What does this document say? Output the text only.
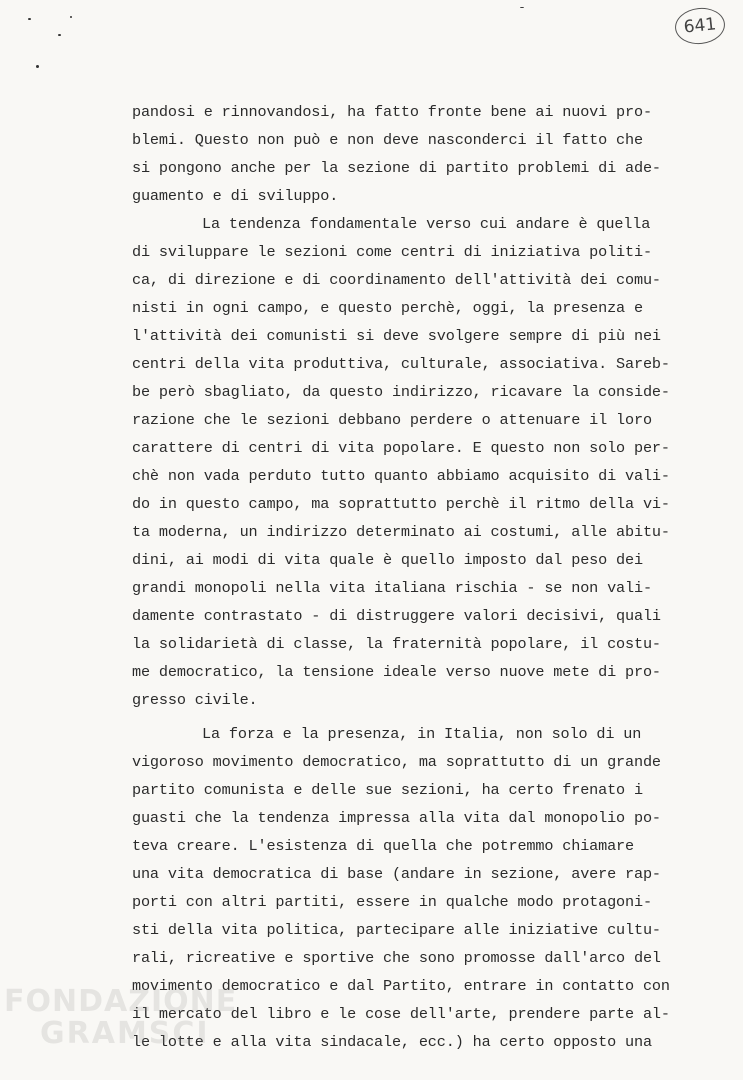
641
pandosi e rinnovandosi, ha fatto fronte bene ai nuovi pro-
blemi. Questo non può e non deve nasconderci il fatto che
si pongono anche per la sezione di partito problemi di ade-
guamento e di sviluppo.
La tendenza fondamentale verso cui andare è quella
di sviluppare le sezioni come centri di iniziativa politi-
ca, di direzione e di coordinamento dell'attività dei comu-
nisti in ogni campo, e questo perchè, oggi, la presenza e
l'attività dei comunisti si deve svolgere sempre di più nei
centri della vita produttiva, culturale, associativa. Sareb-
be però sbagliato, da questo indirizzo, ricavare la conside-
razione che le sezioni debbano perdere o attenuare il loro
carattere di centri di vita popolare. E questo non solo per-
chè non vada perduto tutto quanto abbiamo acquisito di vali-
do in questo campo, ma soprattutto perchè il ritmo della vi-
ta moderna, un indirizzo determinato ai costumi, alle abitu-
dini, ai modi di vita quale è quello imposto dal peso dei
grandi monopoli nella vita italiana rischia - se non vali-
damente contrastato - di distruggere valori decisivi, quali
la solidarietà di classe, la fraternità popolare, il costu-
me democratico, la tensione ideale verso nuove mete di pro-
gresso civile.
La forza e la presenza, in Italia, non solo di un
vigoroso movimento democratico, ma soprattutto di un grande
partito comunista e delle sue sezioni, ha certo frenato i
guasti che la tendenza impressa alla vita dal monopolio po-
teva creare. L'esistenza di quella che potremmo chiamare
una vita democratica di base (andare in sezione, avere rap-
porti con altri partiti, essere in qualche modo protagoni-
sti della vita politica, partecipare alle iniziative cultu-
rali, ricreative e sportive che sono promosse dall'arco del
movimento democratico e dal Partito, entrare in contatto con
il mercato del libro e le cose dell'arte, prendere parte al-
le lotte e alla vita sindacale, ecc.) ha certo opposto una
FONDAZIONE
GRAMSCI
